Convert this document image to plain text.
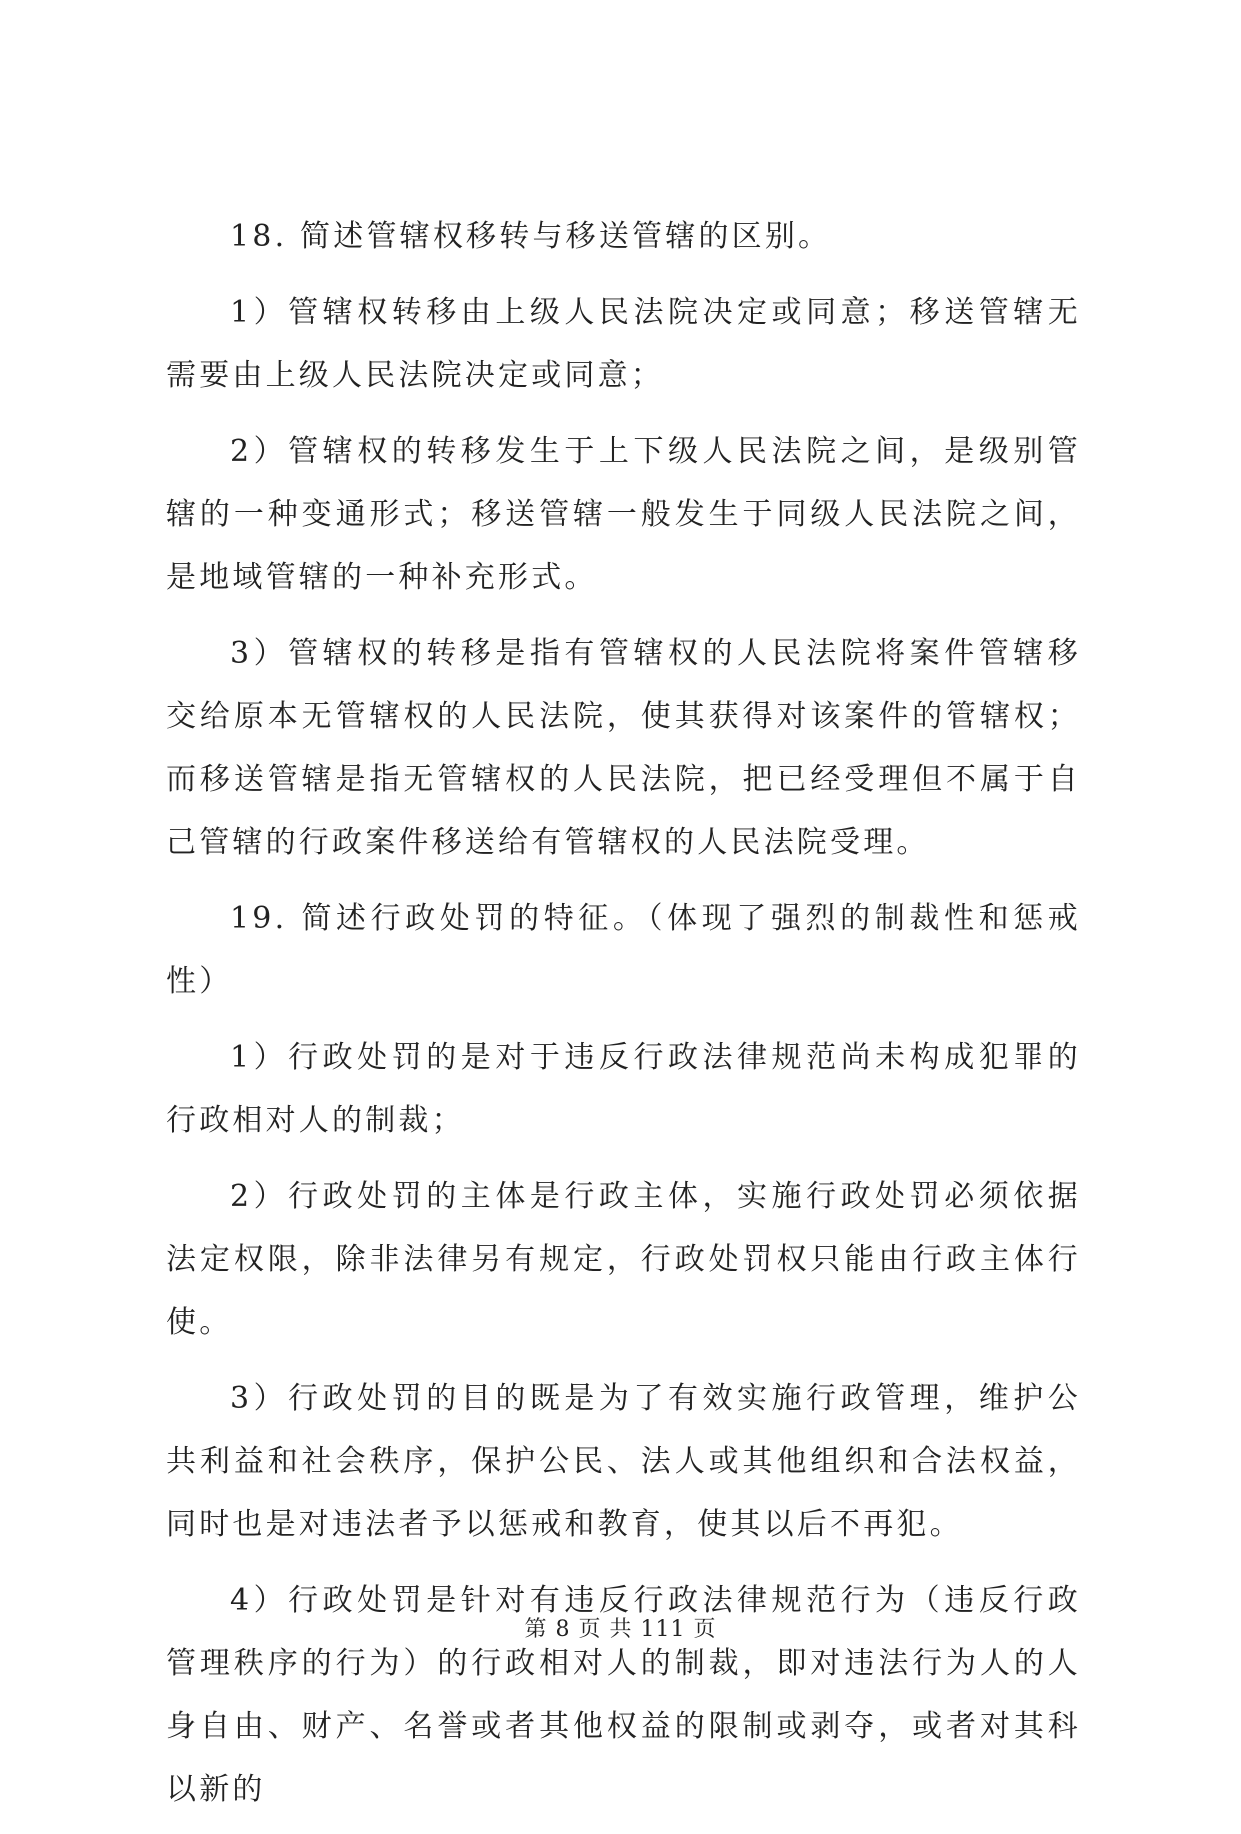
18. 简述管辖权移转与移送管辖的区别。

1）管辖权转移由上级人民法院决定或同意；移送管辖无需要由上级人民法院决定或同意；

2）管辖权的转移发生于上下级人民法院之间，是级别管辖的一种变通形式；移送管辖一般发生于同级人民法院之间，是地域管辖的一种补充形式。

3）管辖权的转移是指有管辖权的人民法院将案件管辖移交给原本无管辖权的人民法院，使其获得对该案件的管辖权；而移送管辖是指无管辖权的人民法院，把已经受理但不属于自己管辖的行政案件移送给有管辖权的人民法院受理。

19. 简述行政处罚的特征。（体现了强烈的制裁性和惩戒性）

1）行政处罚的是对于违反行政法律规范尚未构成犯罪的行政相对人的制裁；

2）行政处罚的主体是行政主体，实施行政处罚必须依据法定权限，除非法律另有规定，行政处罚权只能由行政主体行使。

3）行政处罚的目的既是为了有效实施行政管理，维护公共利益和社会秩序，保护公民、法人或其他组织和合法权益，同时也是对违法者予以惩戒和教育，使其以后不再犯。

4）行政处罚是针对有违反行政法律规范行为（违反行政管理秩序的行为）的行政相对人的制裁，即对违法行为人的人身自由、财产、名誉或者其他权益的限制或剥夺，或者对其科以新的

第 8 页 共 111 页
